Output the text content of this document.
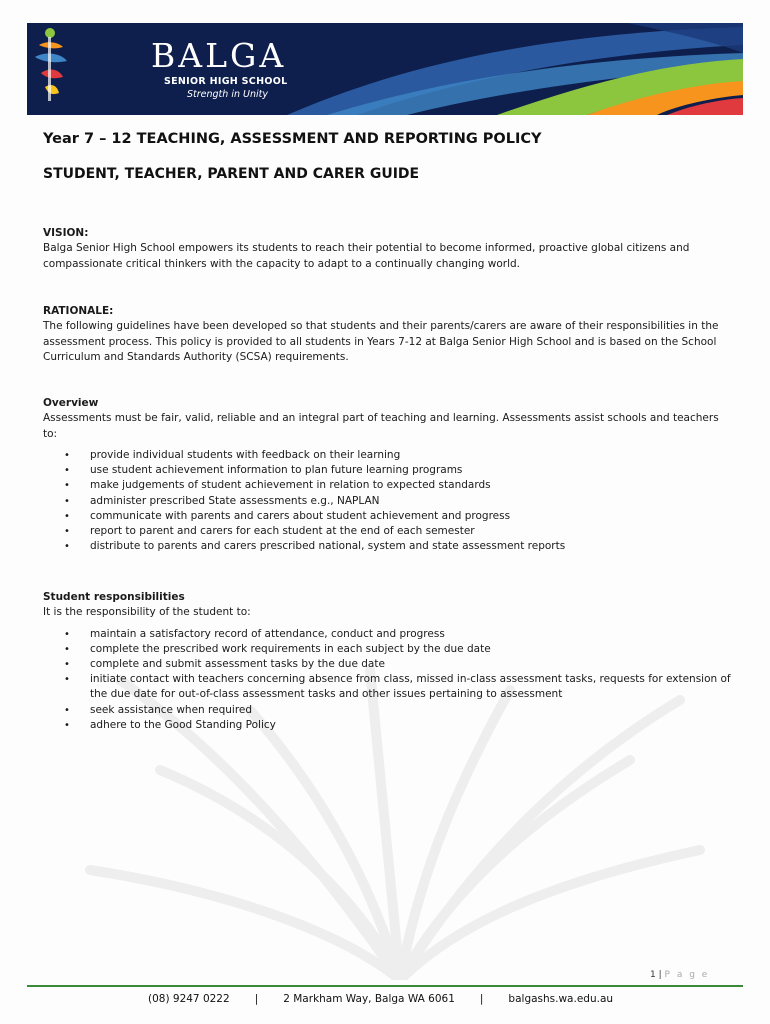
BALGA
SENIOR HIGH SCHOOL
Strength in Unity
Year 7 – 12 TEACHING, ASSESSMENT AND REPORTING POLICY
STUDENT, TEACHER, PARENT AND CARER GUIDE
VISION:
Balga Senior High School empowers its students to reach their potential to become informed, proactive global citizens and compassionate critical thinkers with the capacity to adapt to a continually changing world.
RATIONALE:
The following guidelines have been developed so that students and their parents/carers are aware of their responsibilities in the assessment process. This policy is provided to all students in Years 7-12 at Balga Senior High School and is based on the School Curriculum and Standards Authority (SCSA) requirements.
Overview
Assessments must be fair, valid, reliable and an integral part of teaching and learning. Assessments assist schools and teachers to:
• provide individual students with feedback on their learning
• use student achievement information to plan future learning programs
• make judgements of student achievement in relation to expected standards
• administer prescribed State assessments e.g., NAPLAN
• communicate with parents and carers about student achievement and progress
• report to parent and carers for each student at the end of each semester
• distribute to parents and carers prescribed national, system and state assessment reports
Student responsibilities
It is the responsibility of the student to:
• maintain a satisfactory record of attendance, conduct and progress
• complete the prescribed work requirements in each subject by the due date
• complete and submit assessment tasks by the due date
• initiate contact with teachers concerning absence from class, missed in-class assessment tasks, requests for extension of the due date for out-of-class assessment tasks and other issues pertaining to assessment
• seek assistance when required
• adhere to the Good Standing Policy
1 | P a g e
(08) 9247 0222 | 2 Markham Way, Balga WA 6061 | balgashs.wa.edu.au
